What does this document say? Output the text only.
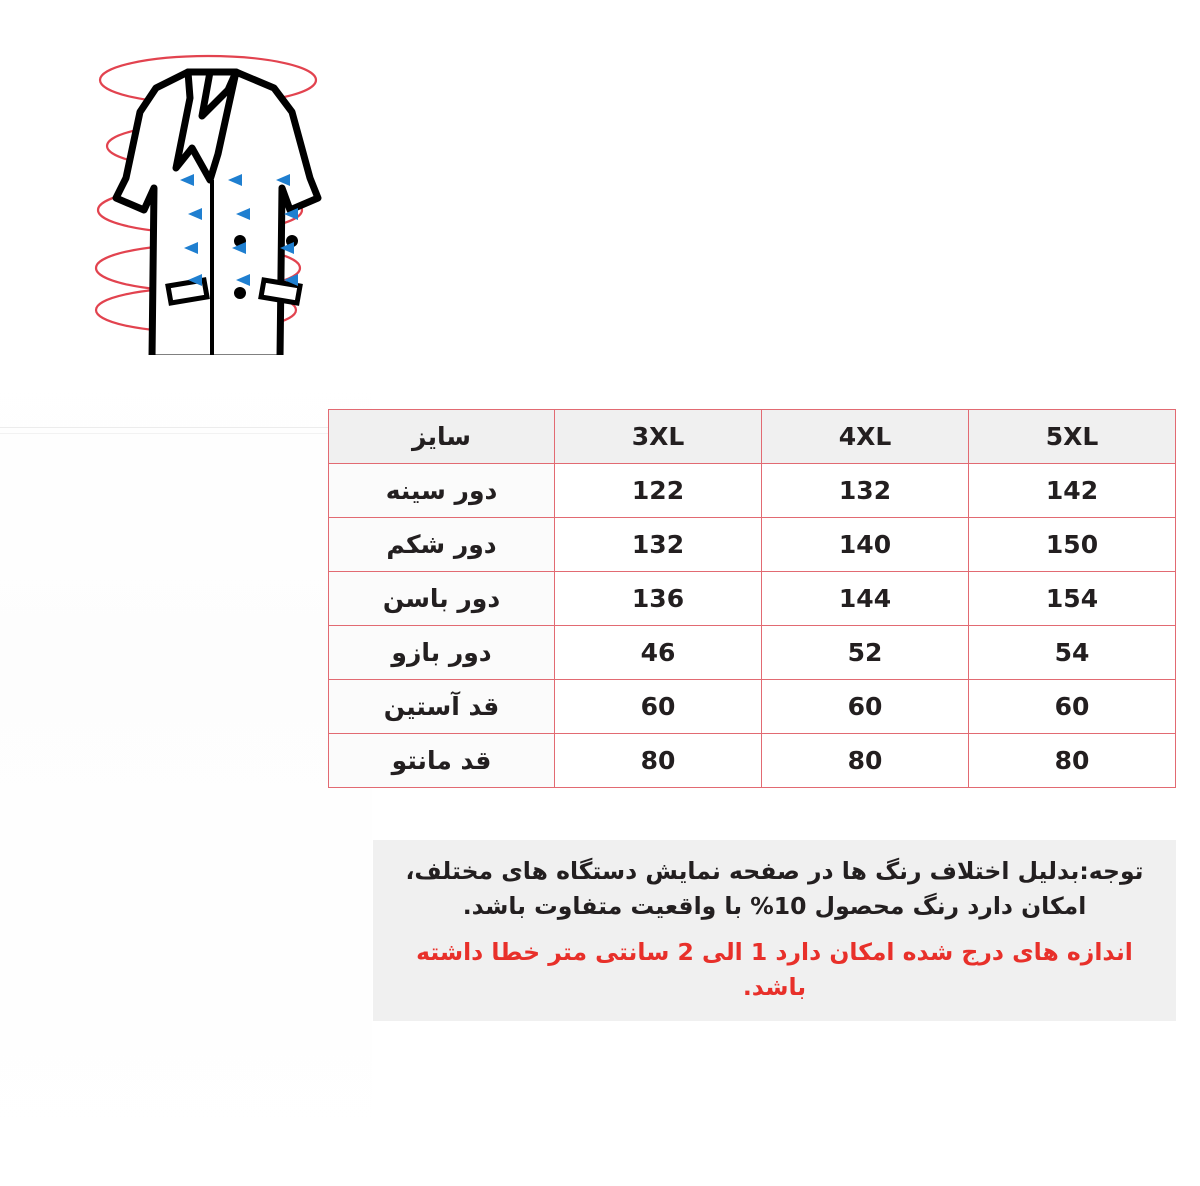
5XL	4XL	3XL	سایز
142	132	122	دور سینه
150	140	132	دور شکم
154	144	136	دور باسن
54	52	46	دور بازو
60	60	60	قد آستین
80	80	80	قد مانتو

توجه:بدلیل اختلاف رنگ ها در صفحه نمایش دستگاه های مختلف، امکان دارد رنگ محصول 10% با واقعیت متفاوت باشد.

اندازه های درج شده امکان دارد 1 الی 2 سانتی متر خطا داشته باشد.
